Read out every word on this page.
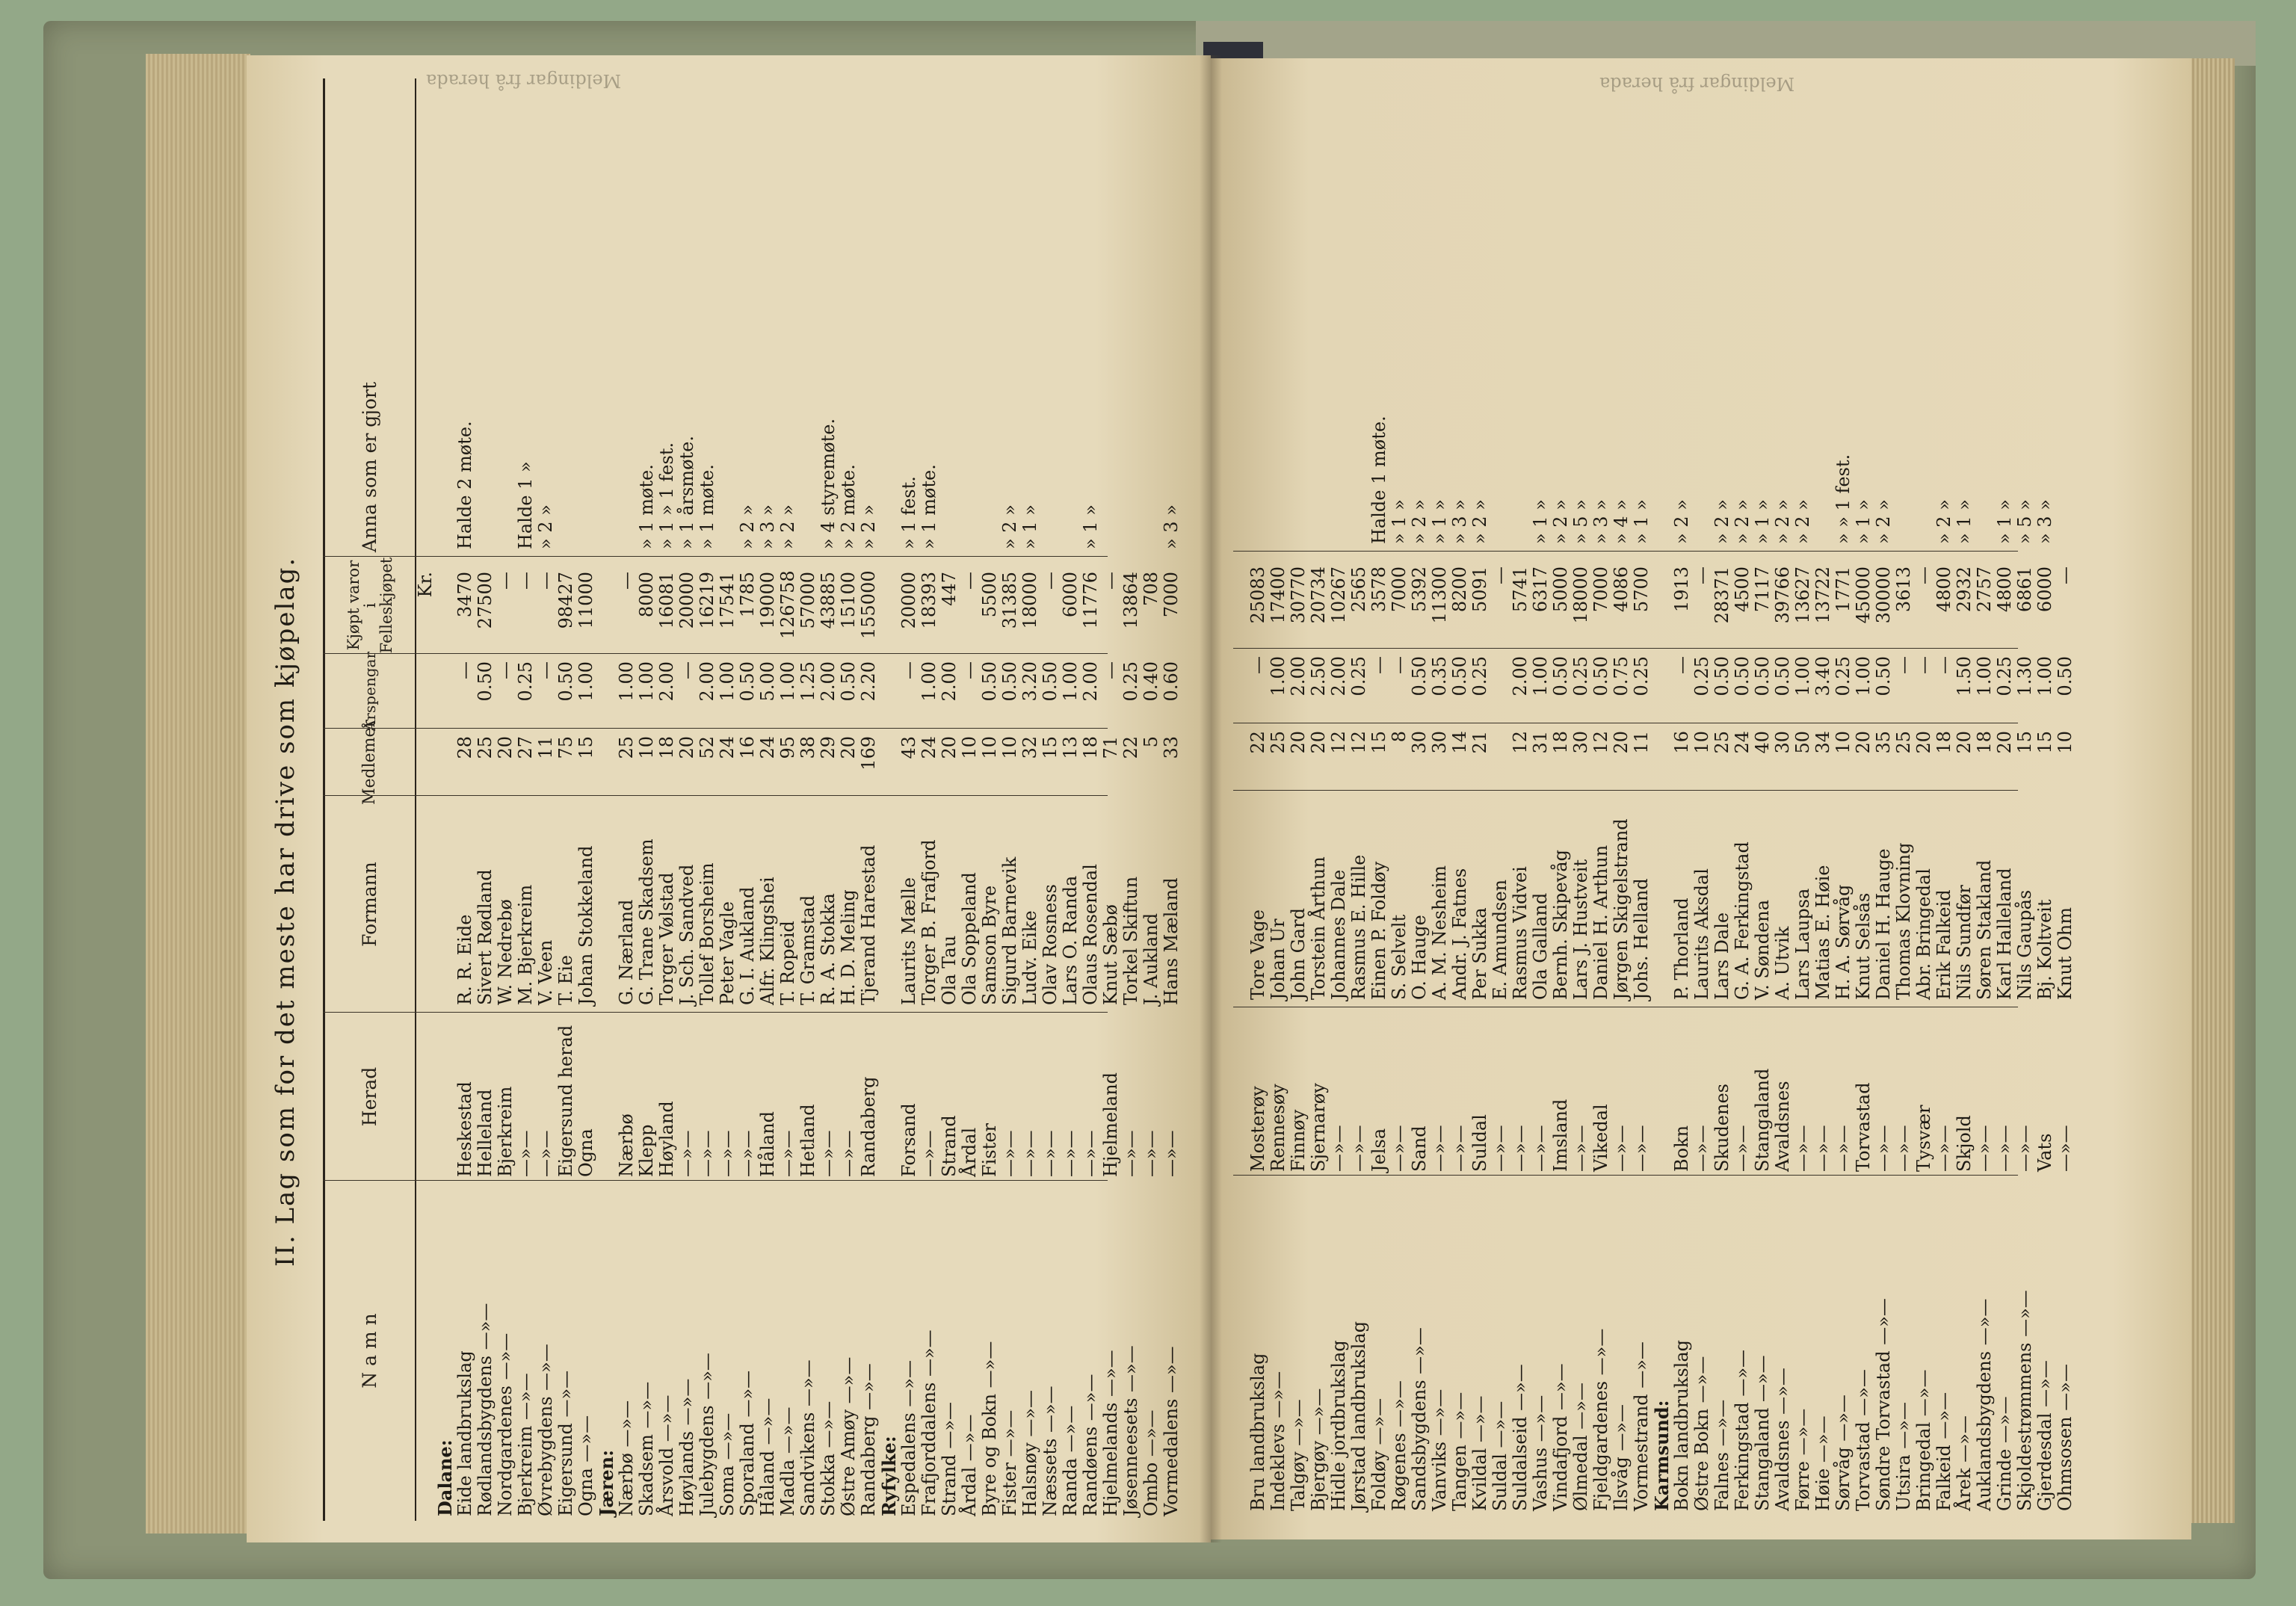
Meldingar frå herada	Meldingar frå herada
II. Lag som for det meste har drive som kjøpelag.
N a m n
Herad
Formann
Medlemer
Årspengar
Kjøpt varor i Felleskjøpet
Anna som er gjort
Kr.
Dalane:
Eide landbrukslag
Heskestad
R. R. Eide
28
—
3470
Halde 2 møte.
Rødlandsbygdens —»—
Helleland
Sivert Rødland
25
0.50
27500
Nordgardenes —»—
Bjerkreim
W. Nedrebø
20
—
—
Bjerkreim —»—
—»—
M. Bjerkreim
27
0.25
—
Halde 1 »
Øvrebygdens —»—
—»—
V. Veen
11
—
—
» 2 »
Eigersund —»—
Eigersund herad
T. Eie
75
0.50
98427
Ogna —»—
Ogna
Johan Stokkeland
15
1.00
11000
Jæren:
Nærbø —»—
Nærbø
G. Nærland
25
1.00
—
Skadsem —»—
Klepp
G. Trane Skadsem
10
1.00
8000
» 1 møte.
Årsvold —»—
Høyland
Torger Vølstad
18
2.00
16081
» 1 » 1 fest.
Høylands —»—
—»—
J. Sch. Sandved
20
—
20000
» 1 årsmøte.
Julebygdens —»—
—»—
Tollef Borsheim
52
2.00
16219
» 1 møte.
Soma —»—
—»—
Peter Vagle
24
1.00
17541
Sporaland —»—
—»—
G. I. Aukland
16
0.50
1785
» 2 »
Håland —»—
Håland
Alfr. Klingshei
24
5.00
19000
» 3 »
Madla —»—
—»—
T. Ropeid
95
1.00
126758
» 2 »
Sandvikens —»—
Hetland
T. Gramstad
38
1.25
57000
Stokka —»—
—»—
R. A. Stokka
29
2.00
43885
» 4 styremøte.
Østre Amøy —»—
—»—
H. D. Meling
20
0.50
15100
» 2 møte.
Randaberg —»—
Randaberg
Tjerand Harestad
169
2.20
155000
» 2 »
Ryfylke:
Espedalens —»—
Forsand
Laurits Mælle
43
—
20000
» 1 fest.
Frafjorddalens —»—
—»—
Torger B. Frafjord
24
1.00
18393
» 1 møte.
Strand —»—
Strand
Ola Tau
20
2.00
447
Årdal —»—
Årdal
Ola Soppeland
10
—
—
Byre og Bokn —»—
Fister
Samson Byre
10
0.50
5500
Fister —»—
—»—
Sigurd Barnevik
10
0.50
31385
» 2 »
Halsnøy —»—
—»—
Ludv. Eike
32
3.20
18000
» 1 »
Næssets —»—
—»—
Olav Rosness
15
0.50
—
Randa —»—
—»—
Lars O. Randa
13
1.00
6000
Randøens —»—
—»—
Olaus Rosendal
18
2.00
11776
» 1 »
Hjelmelands —»—
Hjelmeland
Knut Sæbø
71
—
—
Jøsenneesets —»—
—»—
Torkel Skiftun
22
0.25
13864
Ombo —»—
—»—
J. Aukland
5
0.40
708
Vormedalens —»—
—»—
Hans Mæland
33
0.60
7000
» 3 »
Bru landbrukslag
Mosterøy
Tore Vage
22
—
25083
Indeklevs —»—
Rennesøy
Johan Ur
25
1.00
17400
Talgøy —»—
Finnøy
John Gard
20
2.00
30770
Bjergøy —»—
Sjernarøy
Torstein Årthun
20
2.50
20734
Hidle jordbrukslag
—»—
Johannes Dale
12
2.00
10267
Jørstad landbrukslag
—»—
Rasmus E. Hille
12
0.25
2565
Foldøy —»—
Jelsa
Einen P. Foldøy
15
—
3578
Halde 1 møte.
Røgenes —»—
—»—
S. Selvelt
8
—
7000
» 1 »
Sandsbygdens —»—
Sand
O. Hauge
30
0.50
5392
» 2 »
Vanviks —»—
—»—
A. M. Nesheim
30
0.35
11300
» 1 »
Tangen —»—
—»—
Andr. J. Fatnes
14
0.50
8200
» 3 »
Kvildal —»—
Suldal
Per Sukka
21
0.25
5091
» 2 »
Suldal —»—
—»—
E. Amundsen
—
Suldalseid —»—
—»—
Rasmus Vidvei
12
2.00
5741
Vashus —»—
—»—
Ola Galland
31
1.00
6317
» 1 »
Vindafjord —»—
Imsland
Bernh. Skipevåg
18
0.50
5000
» 2 »
Ølmedal —»—
—»—
Lars J. Hustveit
30
0.25
18000
» 5 »
Fjeldgardenes —»—
Vikedal
Daniel H. Arthun
12
0.50
7000
» 3 »
Ilsvåg —»—
—»—
Jørgen Skigelstrand
20
0.75
4086
» 4 »
Vormestrand —»—
—»—
Johs. Helland
11
0.25
5700
» 1 »
Karmsund:
Bokn landbrukslag
Bokn
P. Thorland
16
—
1913
» 2 »
Østre Bokn —»—
—»—
Laurits Aksdal
10
0.25
—
Falnes —»—
Skudenes
Lars Dale
25
0.50
28371
» 2 »
Ferkingstad —»—
—»—
G. A. Ferkingstad
24
0.50
4500
» 2 »
Stangaland —»—
Stangaland
V. Søndena
40
0.50
7117
» 1 »
Avaldsnes —»—
Avaldsnes
A. Utvik
30
0.50
39766
» 2 »
Førre —»—
—»—
Lars Laupsa
50
1.00
13627
» 2 »
Høie —»—
—»—
Matias E. Høie
34
3.40
13722
Sørvåg —»—
—»—
H. A. Sørvåg
10
0.25
1771
» » 1 fest.
Torvastad —»—
Torvastad
Knut Selsås
20
1.00
45000
» 1 »
Søndre Torvastad —»—
—»—
Daniel H. Hauge
35
0.50
30000
» 2 »
Utsira —»—
—»—
Thomas Klovning
25
—
3613
Bringedal —»—
Tysvær
Abr. Bringedal
20
—
—
Falkeid —»—
—»—
Erik Falkeid
18
—
4800
» 2 »
Årek —»—
Skjold
Nils Sundfør
20
1.50
2932
» 1 »
Auklandsbygdens —»—
—»—
Søren Stakland
18
1.00
2757
Grinde —»—
—»—
Karl Halleland
20
0.25
4800
» 1 »
Skjoldestrømmens —»—
—»—
Nils Gaupås
15
1.30
6861
» 5 »
Gjerdesdal —»—
Vats
Bj. Koltveit
15
1.00
6000
» 3 »
Ohmsosen —»—
—»—
Knut Ohm
10
0.50
—
